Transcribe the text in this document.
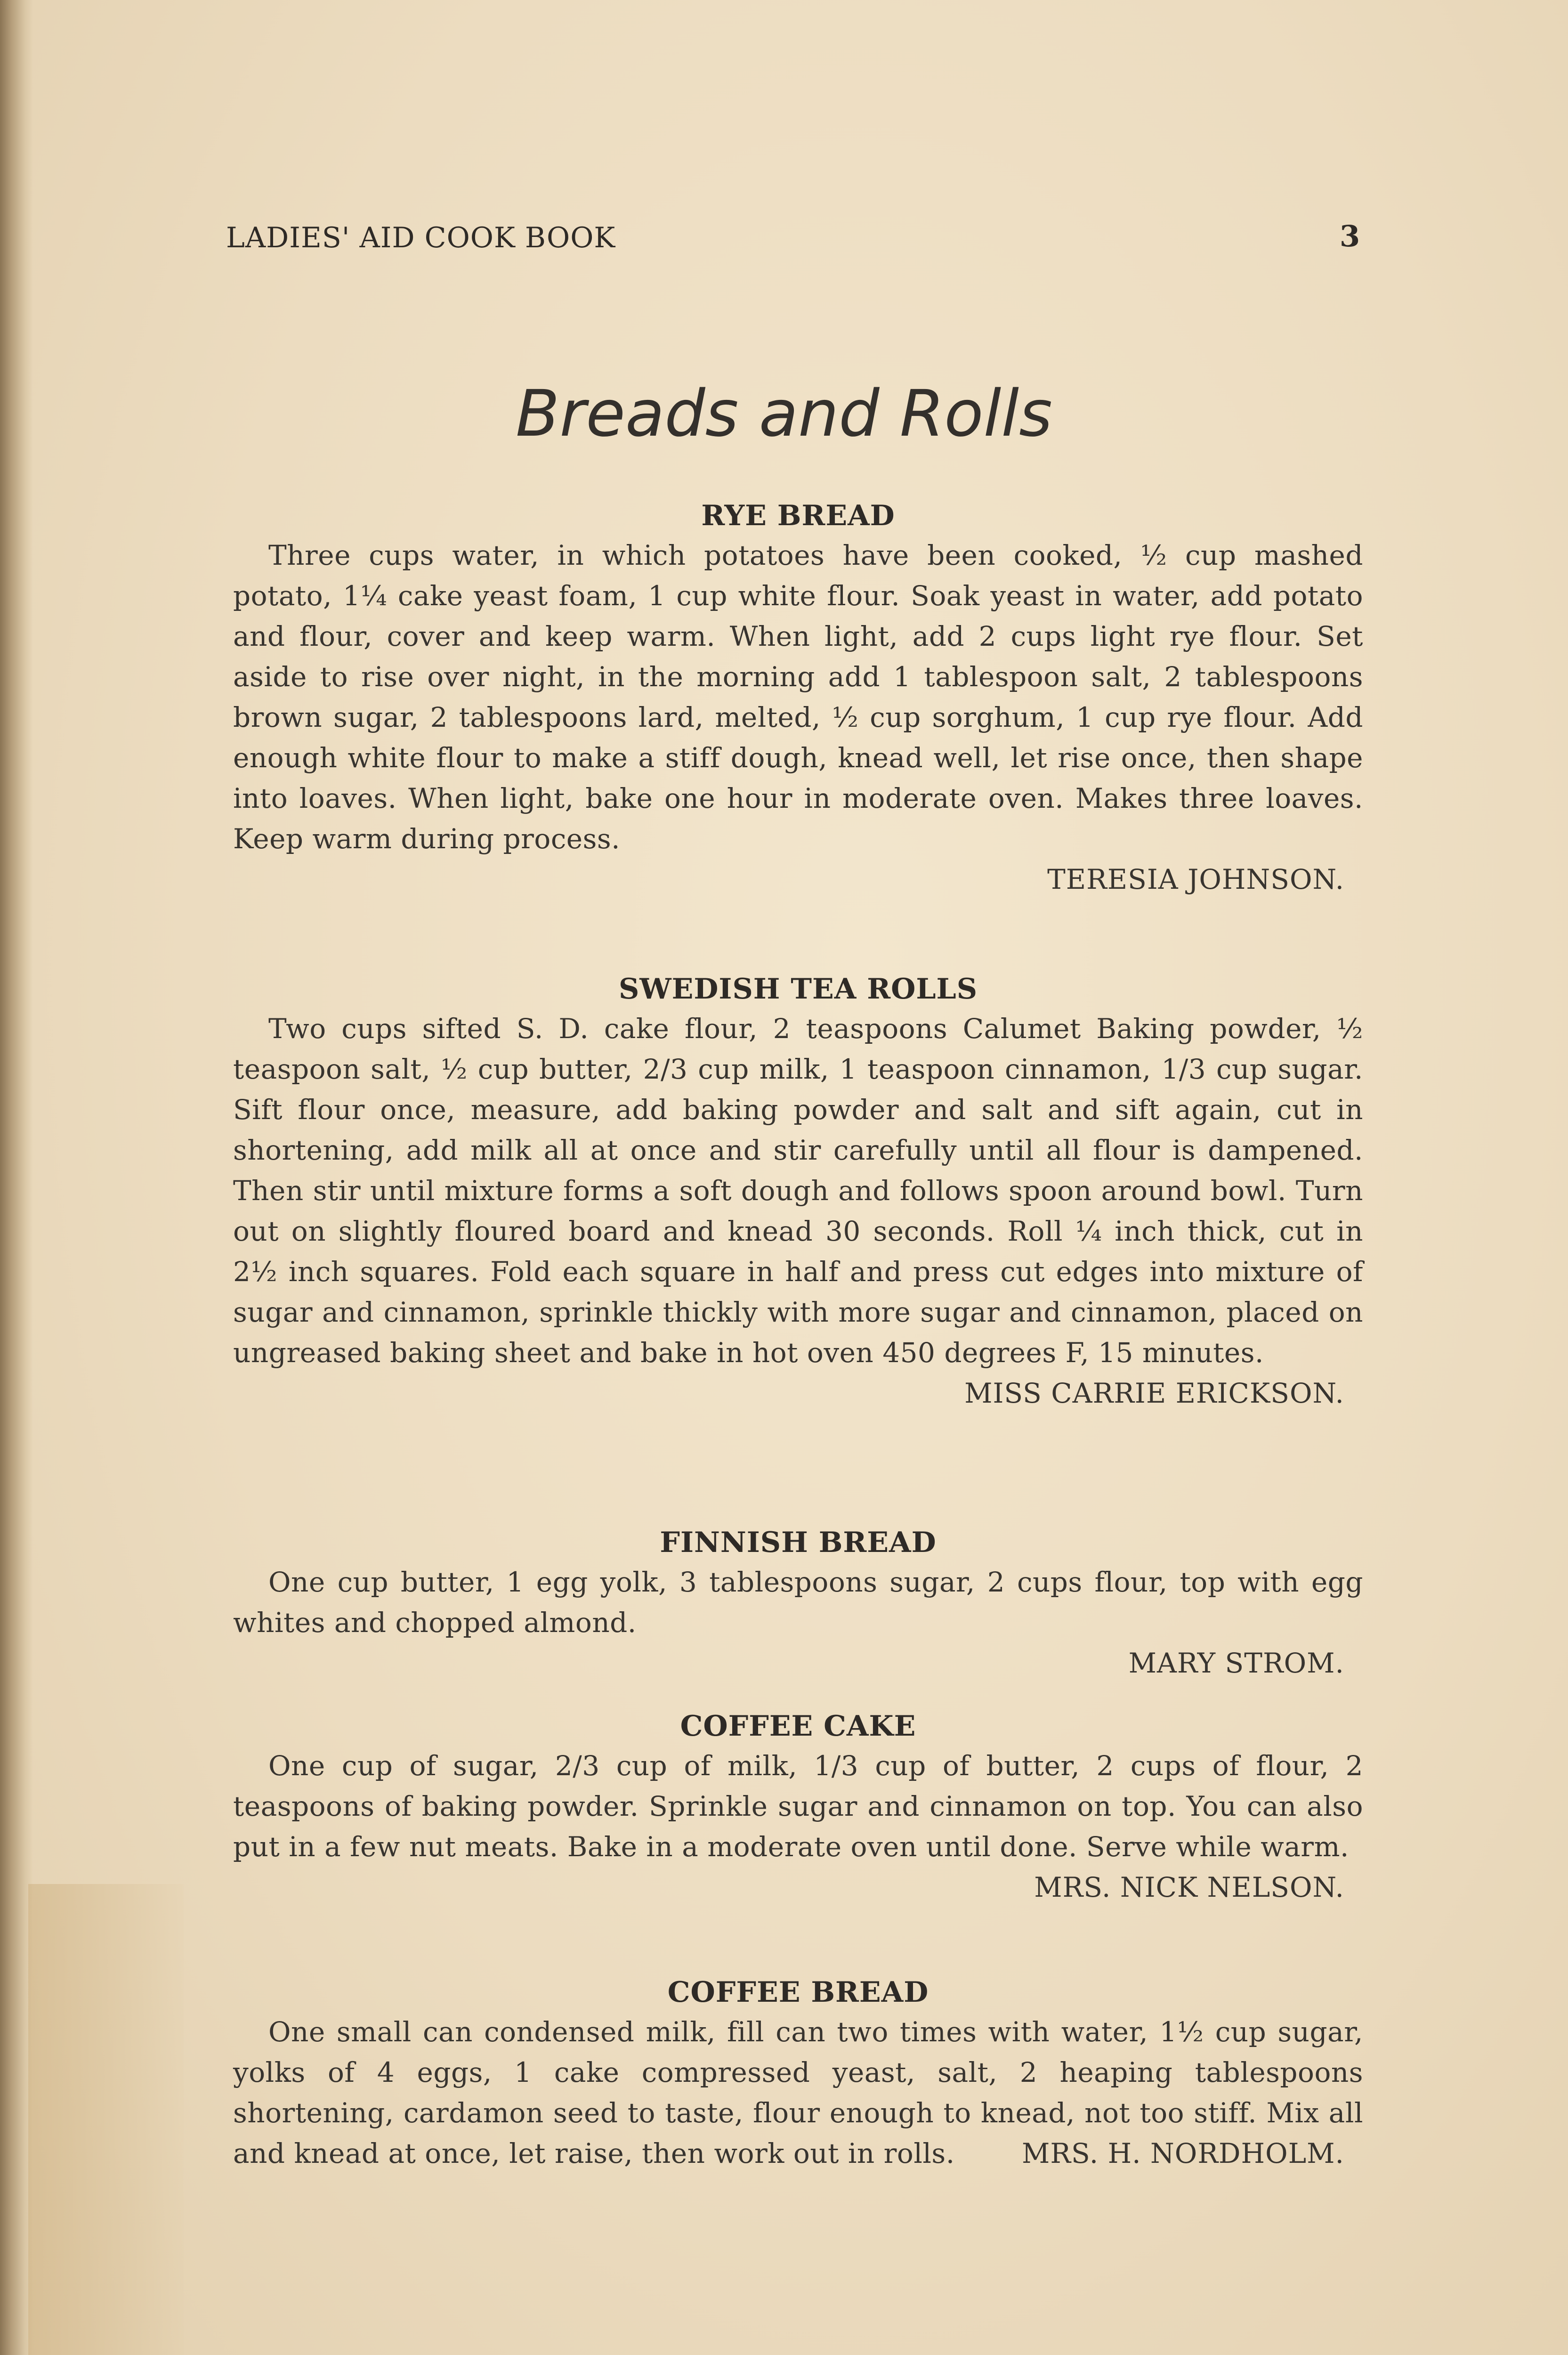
LADIES' AID COOK BOOK	3
Breads and Rolls
RYE BREAD

Three cups water, in which potatoes have been cooked, ½ cup mashed potato, 1¼ cake yeast foam, 1 cup white flour. Soak yeast in water, add potato and flour, cover and keep warm. When light, add 2 cups light rye flour. Set aside to rise over night, in the morning add 1 tablespoon salt, 2 tablespoons brown sugar, 2 tablespoons lard, melted, ½ cup sorghum, 1 cup rye flour. Add enough white flour to make a stiff dough, knead well, let rise once, then shape into loaves. When light, bake one hour in moderate oven. Makes three loaves. Keep warm during process.

TERESIA JOHNSON.
SWEDISH TEA ROLLS

Two cups sifted S. D. cake flour, 2 teaspoons Calumet Baking powder, ½ teaspoon salt, ½ cup butter, 2/3 cup milk, 1 teaspoon cinnamon, 1/3 cup sugar. Sift flour once, measure, add baking powder and salt and sift again, cut in shortening, add milk all at once and stir carefully until all flour is dampened. Then stir until mixture forms a soft dough and follows spoon around bowl. Turn out on slightly floured board and knead 30 seconds. Roll ¼ inch thick, cut in 2½ inch squares. Fold each square in half and press cut edges into mixture of sugar and cinnamon, sprinkle thickly with more sugar and cinnamon, placed on ungreased baking sheet and bake in hot oven 450 degrees F, 15 minutes.

MISS CARRIE ERICKSON.
FINNISH BREAD

One cup butter, 1 egg yolk, 3 tablespoons sugar, 2 cups flour, top with egg whites and chopped almond.

MARY STROM.
COFFEE CAKE

One cup of sugar, 2/3 cup of milk, 1/3 cup of butter, 2 cups of flour, 2 teaspoons of baking powder. Sprinkle sugar and cinnamon on top. You can also put in a few nut meats. Bake in a moderate oven until done. Serve while warm.

MRS. NICK NELSON.
COFFEE BREAD

One small can condensed milk, fill can two times with water, 1½ cup sugar, yolks of 4 eggs, 1 cake compressed yeast, salt, 2 heaping tablespoons shortening, cardamon seed to taste, flour enough to knead, not too stiff. Mix all and knead at once, let raise, then work out in rolls.	MRS. H. NORDHOLM.
